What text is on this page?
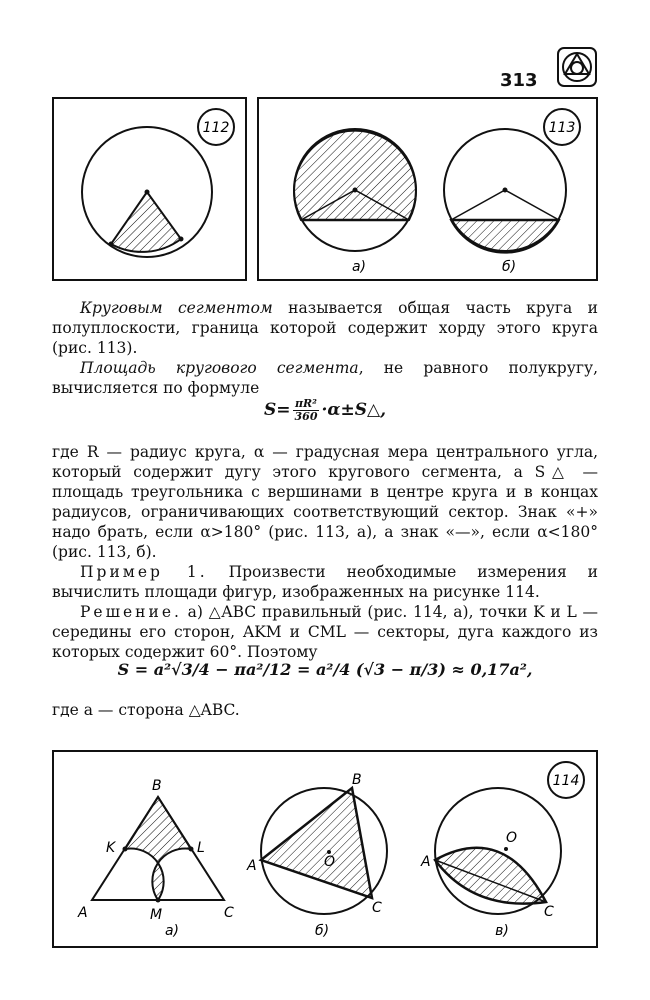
313
112	113
а)	б)

Круговым сегментом называется общая часть круга и полуплоскости, граница которой содержит хорду этого круга (рис. 113).

Площадь кругового сегмента, не равного полукругу, вычисляется по формуле

$S= \frac{\text{πR²}}{360}$ ·α±S△,

где R — радиус круга, α — градусная мера центрального угла, который содержит дугу этого кругового сегмента, а S△ — площадь треугольника с вершинами в центре круга и в концах радиусов, ограничивающих соответствующий сектор. Знак «+» надо брать, если α>180° (рис. 113, а), а знак «—», если α<180° (рис. 113, б).

Пример 1. Произвести необходимые измерения и вычислить площади фигур, изображенных на рисунке 114.

Решение. а) △ABC правильный (рис. 114, а), точки K и L — середины его сторон, AKM и CML — секторы, дуга каждого из которых содержит 60°. Поэтому

S = a²√3/4 − πa²/12 = a²/4 (√3 − π/3) ≈ 0,17a²,

где a — сторона △ABC.

114
B
K	L
A	M	C
а)
B
A	O
C
б)
O
A
C
в)
